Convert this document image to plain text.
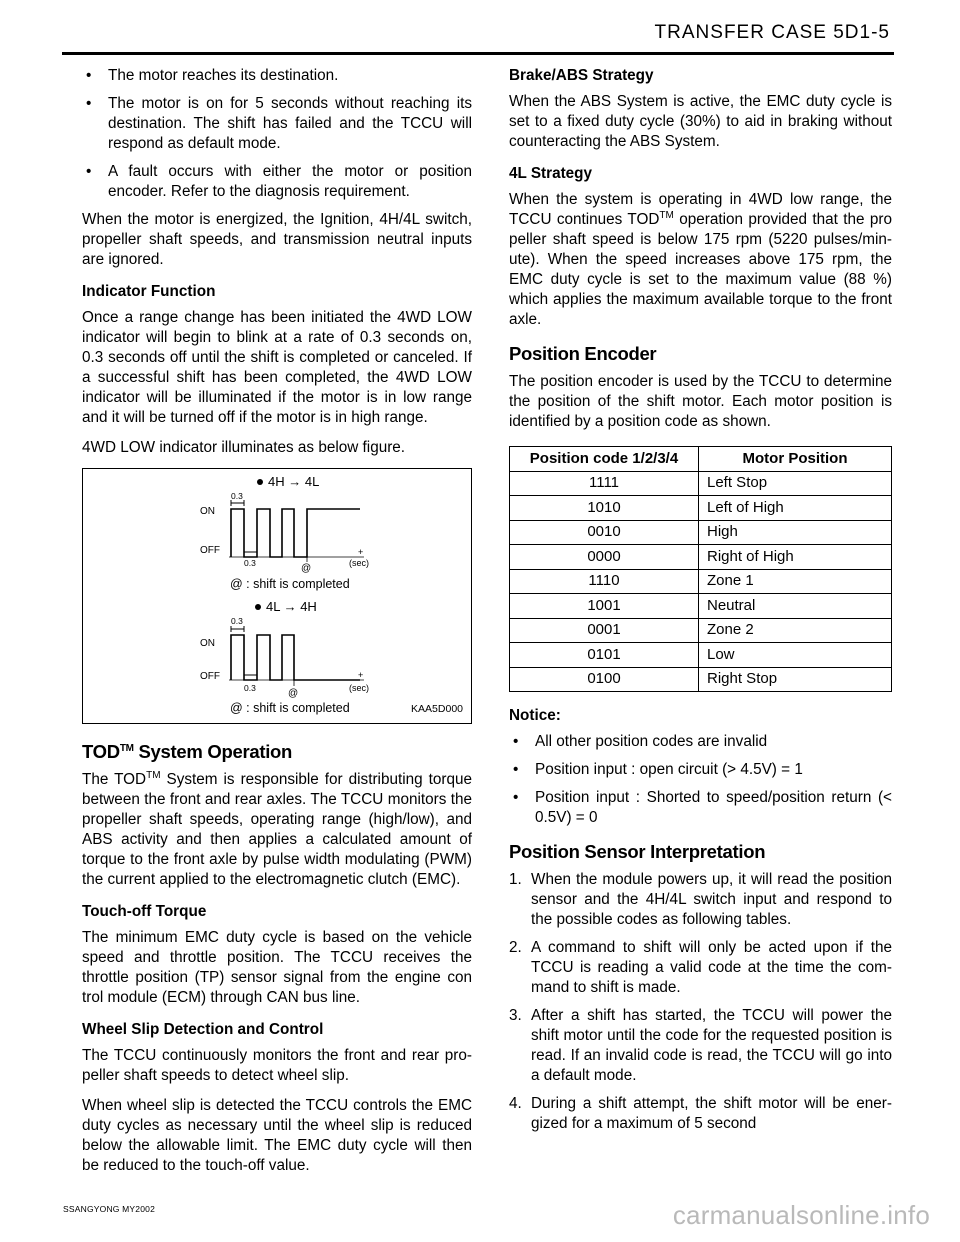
TRANSFER CASE 5D1-5
• The motor reaches its destination.
• The motor is on for 5 seconds without reaching its destination. The shift has failed and the TCCU will respond as default mode.
• A fault occurs with either the motor or position encoder. Refer to the diagnosis requirement.

When the motor is energized, the Ignition, 4H/4L switch, propeller shaft speeds, and transmission neutral inputs are ignored.

Indicator Function

Once a range change has been initiated the 4WD LOW indicator will begin to blink at a rate of 0.3 seconds on, 0.3 seconds off until the shift is completed or canceled. If a successful shift has been completed, the 4WD LOW indicator will be illuminated if the motor is in low range and it will be turned off if the motor is in high range.

4WD LOW indicator illuminates as below figure.

4H → 4L
ON
OFF
0.3
0.3	@
+
(sec)
@ : shift is completed
4L → 4H
ON
OFF
0.3
0.3	@
+
(sec)
@ : shift is completed	KAA5D000
TOD™ System Operation

The TOD™ System is responsible for distributing torque between the front and rear axles. The TCCU monitors the propeller shaft speeds, operating range (high/low), and ABS activity and then applies a calculated amount of torque to the front axle by pulse width modulating (PWM) the current applied to the electromagnetic clutch (EMC).

Touch-off Torque

The minimum EMC duty cycle is based on the vehicle speed and throttle position. The TCCU receives the throttle position (TP) sensor signal from the engine con trol module (ECM) through CAN bus line.

Wheel Slip Detection and Control

The TCCU continuously monitors the front and rear pro- peller shaft speeds to detect wheel slip.

When wheel slip is detected the TCCU controls the EMC duty cycles as necessary until the wheel slip is reduced below the allowable limit. The EMC duty cycle will then be reduced to the touch-off value.

Brake/ABS Strategy

When the ABS System is active, the EMC duty cycle is set to a fixed duty cycle (30%) to aid in braking without counteracting the ABS System.

4L Strategy

When the system is operating in 4WD low range, the TCCU continues TOD™ operation provided that the pro peller shaft speed is below 175 rpm (5220 pulses/min- ute). When the speed increases above 175 rpm, the EMC duty cycle is set to the maximum value (88 %) which applies the maximum available torque to the front axle.

Position Encoder

The position encoder is used by the TCCU to determine the position of the shift motor. Each motor position is identified by a position code as shown.

Position code 1/2/3/4	Motor Position
1111	Left Stop
1010	Left of High
0010	High
0000	Right of High
1110	Zone 1
1001	Neutral
0001	Zone 2
0101	Low
0100	Right Stop
Notice:
• All other position codes are invalid
• Position input : open circuit (> 4.5V) = 1
• Position input : Shorted to speed/position return (< 0.5V) = 0
Position Sensor Interpretation
1. When the module powers up, it will read the position sensor and the 4H/4L switch input and respond to the possible codes as following tables.
2. A command to shift will only be acted upon if the TCCU is reading a valid code at the time the com- mand to shift is made.
3. After a shift has started, the TCCU will power the shift motor until the code for the requested position is read. If an invalid code is read, the TCCU will go into a default mode.
4. During a shift attempt, the shift motor will be ener- gized for a maximum of 5 second
SSANGYONG MY2002	carmanualsonline.info
